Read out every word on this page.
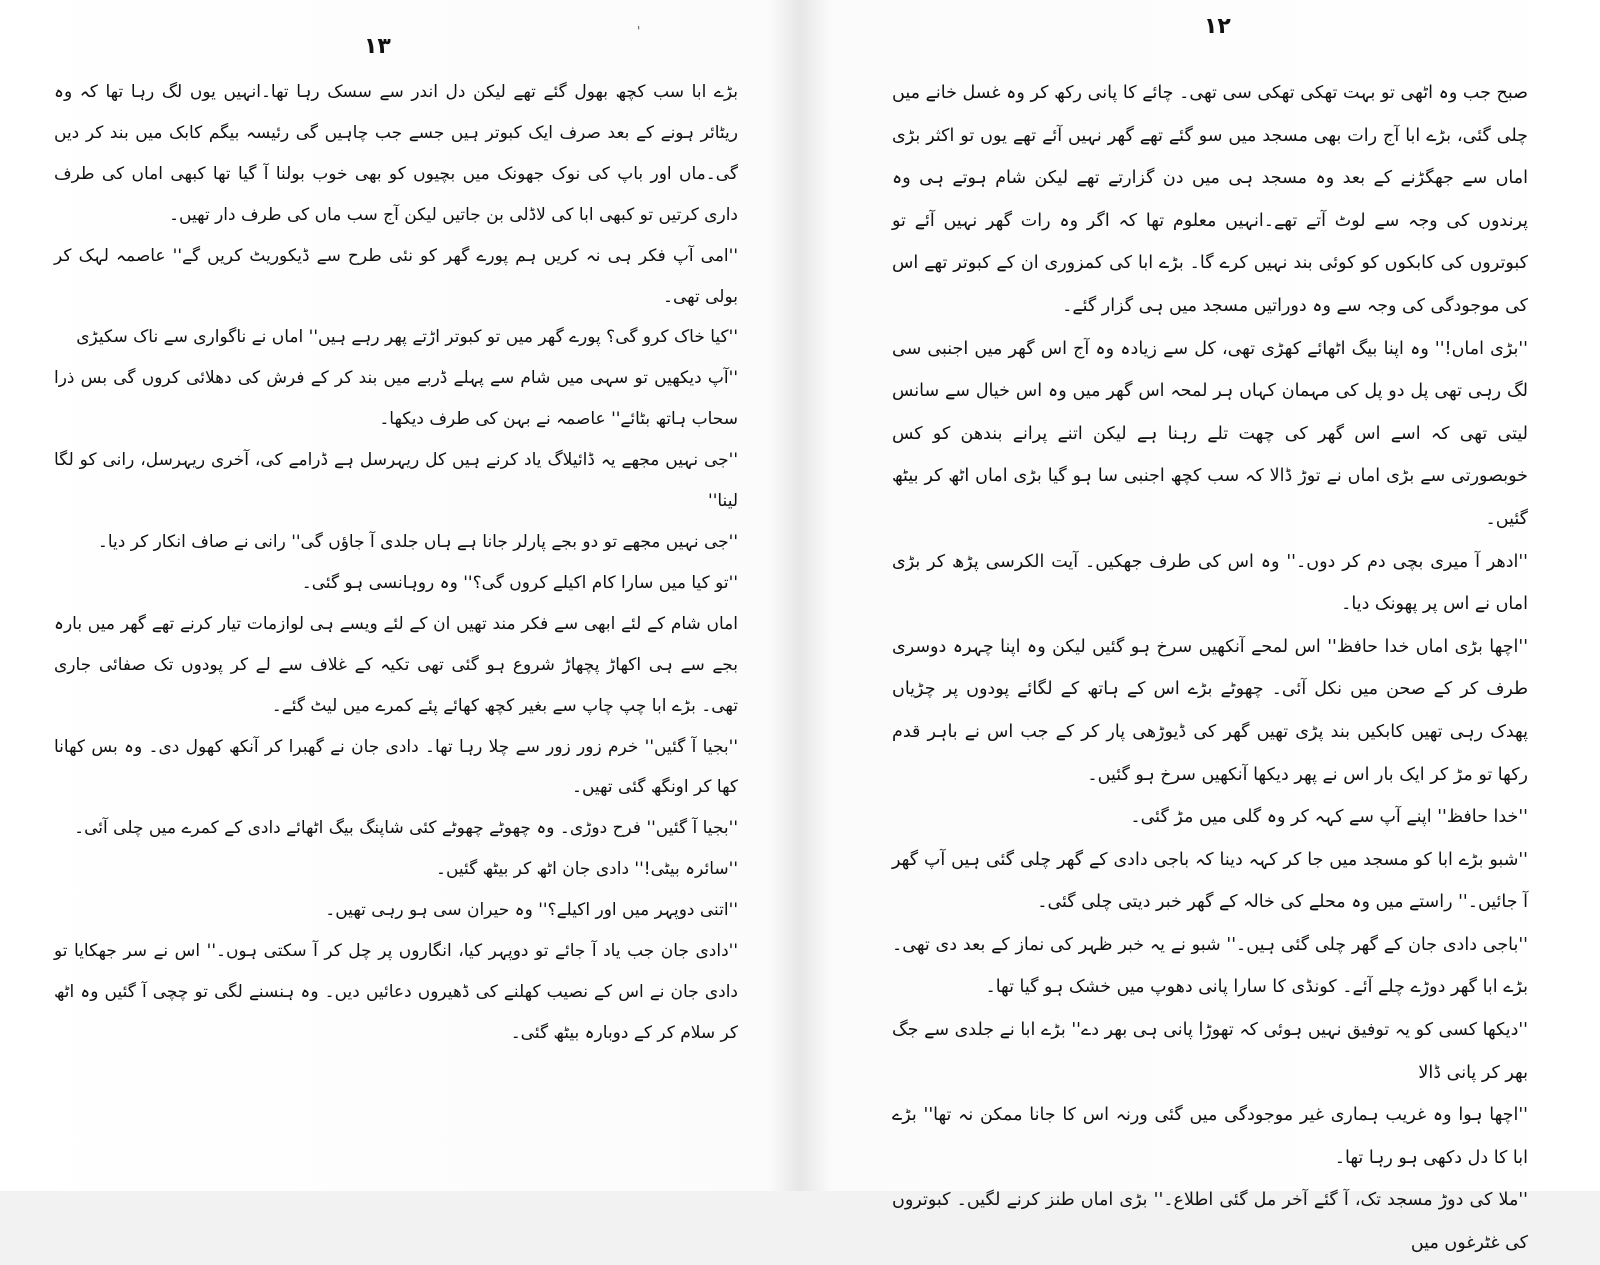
۱۳
'

بڑے ابا سب کچھ بھول گئے تھے لیکن دل اندر سے سسک رہا تھا۔انہیں یوں لگ رہا تھا کہ وہ ریٹائر ہونے کے بعد صرف ایک کبوتر ہیں جسے جب چاہیں گی رئیسہ بیگم کابک میں بند کر دیں گی۔ماں اور باپ کی نوک جھونک میں بچیوں کو بھی خوب بولنا آ گیا تھا کبھی اماں کی طرف داری کرتیں تو کبھی ابا کی لاڈلی بن جاتیں لیکن آج سب ماں کی طرف دار تھیں۔

''امی آپ فکر ہی نہ کریں ہم پورے گھر کو نئی طرح سے ڈیکوریٹ کریں گے'' عاصمہ لہک کر بولی تھی۔

''کیا خاک کرو گی؟ پورے گھر میں تو کبوتر اڑتے پھر رہے ہیں'' اماں نے ناگواری سے ناک سکیڑی

''آپ دیکھیں تو سہی میں شام سے پہلے ڈربے میں بند کر کے فرش کی دھلائی کروں گی بس ذرا سحاب ہاتھ بٹائے'' عاصمہ نے بہن کی طرف دیکھا۔

''جی نہیں مجھے یہ ڈائیلاگ یاد کرنے ہیں کل ریہرسل ہے ڈرامے کی، آخری ریہرسل، رانی کو لگا لینا''

''جی نہیں مجھے تو دو بجے پارلر جانا ہے ہاں جلدی آ جاؤں گی'' رانی نے صاف انکار کر دیا۔

''تو کیا میں سارا کام اکیلے کروں گی؟'' وہ روہانسی ہو گئی۔

اماں شام کے لئے ابھی سے فکر مند تھیں ان کے لئے ویسے ہی لوازمات تیار کرنے تھے گھر میں بارہ بجے سے ہی اکھاڑ پچھاڑ شروع ہو گئی تھی تکیہ کے غلاف سے لے کر پودوں تک صفائی جاری تھی۔ بڑے ابا چپ چاپ سے بغیر کچھ کھائے پئے کمرے میں لیٹ گئے۔

''بجیا آ گئیں'' خرم زور زور سے چلا رہا تھا۔ دادی جان نے گھبرا کر آنکھ کھول دی۔ وہ بس کھانا کھا کر اونگھ گئی تھیں۔

''بجیا آ گئیں'' فرح دوڑی۔ وہ چھوٹے چھوٹے کئی شاپنگ بیگ اٹھائے دادی کے کمرے میں چلی آئی۔

''سائرہ بیٹی!'' دادی جان اٹھ کر بیٹھ گئیں۔

''اتنی دوپہر میں اور اکیلے؟'' وہ حیران سی ہو رہی تھیں۔

''دادی جان جب یاد آ جائے تو دوپہر کیا، انگاروں پر چل کر آ سکتی ہوں۔'' اس نے سر جھکایا تو دادی جان نے اس کے نصیب کھلنے کی ڈھیروں دعائیں دیں۔ وہ ہنسنے لگی تو چچی آ گئیں وہ اٹھ کر سلام کر کے دوبارہ بیٹھ گئی۔

۱۲

صبح جب وہ اٹھی تو بہت تھکی تھکی سی تھی۔ چائے کا پانی رکھ کر وہ غسل خانے میں چلی گئی، بڑے ابا آج رات بھی مسجد میں سو گئے تھے گھر نہیں آئے تھے یوں تو اکثر بڑی اماں سے جھگڑنے کے بعد وہ مسجد ہی میں دن گزارتے تھے لیکن شام ہوتے ہی وہ پرندوں کی وجہ سے لوٹ آتے تھے۔انہیں معلوم تھا کہ اگر وہ رات گھر نہیں آئے تو کبوتروں کی کابکوں کو کوئی بند نہیں کرے گا۔ بڑے ابا کی کمزوری ان کے کبوتر تھے اس کی موجودگی کی وجہ سے وہ دوراتیں مسجد میں ہی گزار گئے۔

''بڑی اماں!'' وہ اپنا بیگ اٹھائے کھڑی تھی، کل سے زیادہ وہ آج اس گھر میں اجنبی سی لگ رہی تھی پل دو پل کی مہمان کہاں ہر لمحہ اس گھر میں وہ اس خیال سے سانس لیتی تھی کہ اسے اس گھر کی چھت تلے رہنا ہے لیکن اتنے پرانے بندھن کو کس خوبصورتی سے بڑی اماں نے توڑ ڈالا کہ سب کچھ اجنبی سا ہو گیا بڑی اماں اٹھ کر بیٹھ گئیں۔

''ادھر آ میری بچی دم کر دوں۔'' وہ اس کی طرف جھکیں۔ آیت الکرسی پڑھ کر بڑی اماں نے اس پر پھونک دیا۔

''اچھا بڑی اماں خدا حافظ'' اس لمحے آنکھیں سرخ ہو گئیں لیکن وہ اپنا چہرہ دوسری طرف کر کے صحن میں نکل آئی۔ چھوٹے بڑے اس کے ہاتھ کے لگائے پودوں پر چڑیاں پھدک رہی تھیں کابکیں بند پڑی تھیں گھر کی ڈیوڑھی پار کر کے جب اس نے باہر قدم رکھا تو مڑ کر ایک بار اس نے پھر دیکھا آنکھیں سرخ ہو گئیں۔

''خدا حافظ'' اپنے آپ سے کہہ کر وہ گلی میں مڑ گئی۔

''شبو بڑے ابا کو مسجد میں جا کر کہہ دینا کہ باجی دادی کے گھر چلی گئی ہیں آپ گھر آ جائیں۔'' راستے میں وہ محلے کی خالہ کے گھر خبر دیتی چلی گئی۔

''باجی دادی جان کے گھر چلی گئی ہیں۔'' شبو نے یہ خبر ظہر کی نماز کے بعد دی تھی۔ بڑے ابا گھر دوڑے چلے آئے۔ کونڈی کا سارا پانی دھوپ میں خشک ہو گیا تھا۔

''دیکھا کسی کو یہ توفیق نہیں ہوئی کہ تھوڑا پانی ہی بھر دے'' بڑے ابا نے جلدی سے جگ بھر کر پانی ڈالا

''اچھا ہوا وہ غریب ہماری غیر موجودگی میں گئی ورنہ اس کا جانا ممکن نہ تھا'' بڑے ابا کا دل دکھی ہو رہا تھا۔

''ملا کی دوڑ مسجد تک، آ گئے آخر مل گئی اطلاع۔'' بڑی اماں طنز کرنے لگیں۔ کبوتروں کی غٹرغوں میں
